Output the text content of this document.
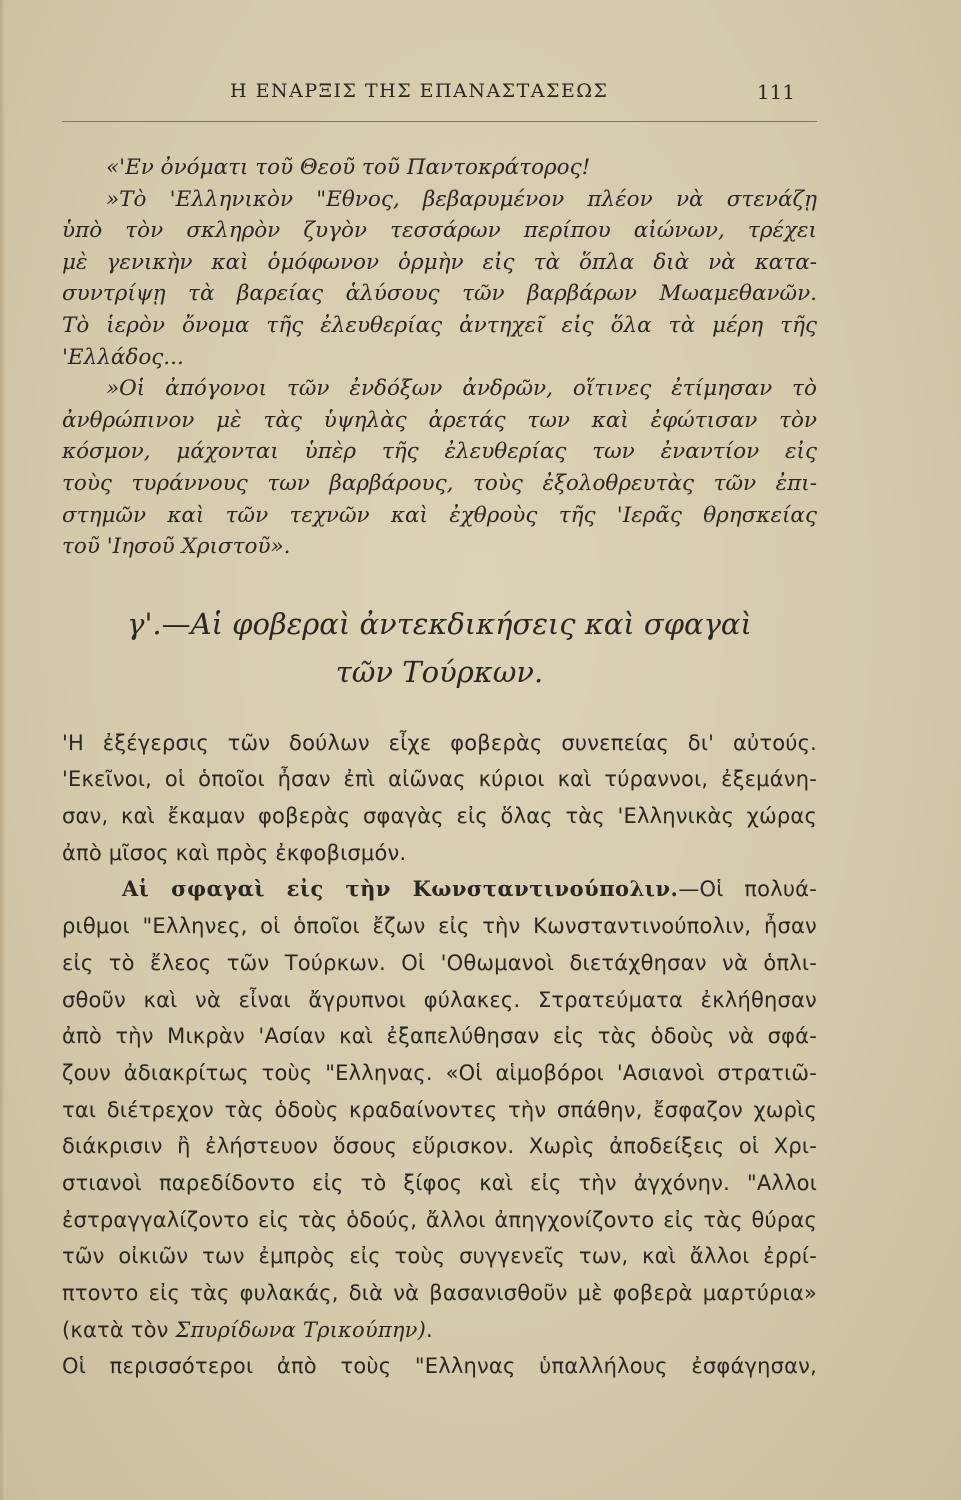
Η ΕΝΑΡΞΙΣ ΤΗΣ ΕΠΑΝΑΣΤΑΣΕΩΣ	111
«'Εν ὀνόματι τοῦ Θεοῦ τοῦ Παντοκράτορος!
»Τὸ 'Ελληνικὸν "Εθνος, βεβαρυμένον πλέον νὰ στενάζῃ
ὑπὸ τὸν σκληρὸν ζυγὸν τεσσάρων περίπου αἰώνων, τρέχει
μὲ γενικὴν καὶ ὁμόφωνον ὁρμὴν εἰς τὰ ὅπλα διὰ νὰ κατα-
συντρίψῃ τὰ βαρείας ἁλύσους τῶν βαρβάρων Μωαμεθανῶν.
Τὸ ἱερὸν ὄνομα τῆς ἐλευθερίας ἀντηχεῖ εἰς ὅλα τὰ μέρη τῆς
'Ελλάδος...
»Οἱ ἀπόγονοι τῶν ἐνδόξων ἀνδρῶν, οἵτινες ἐτίμησαν τὸ
ἀνθρώπινον μὲ τὰς ὑψηλὰς ἀρετάς των καὶ ἐφώτισαν τὸν
κόσμον, μάχονται ὑπὲρ τῆς ἐλευθερίας των ἐναντίον εἰς
τοὺς τυράννους των βαρβάρους, τοὺς ἐξολοθρευτὰς τῶν ἐπι-
στημῶν καὶ τῶν τεχνῶν καὶ ἐχθροὺς τῆς 'Ιερᾶς θρησκείας
τοῦ 'Ιησοῦ Χριστοῦ».
γ'.—Αἱ φοβεραὶ ἀντεκδικήσεις καὶ σφαγαὶ
τῶν Τούρκων.
'Η ἐξέγερσις τῶν δούλων εἶχε φοβερὰς συνεπείας δι' αὐτούς.
'Εκεῖνοι, οἱ ὁποῖοι ἦσαν ἐπὶ αἰῶνας κύριοι καὶ τύραννοι, ἐξεμάνη-
σαν, καὶ ἔκαμαν φοβερὰς σφαγὰς εἰς ὅλας τὰς 'Ελληνικὰς χώρας
ἀπὸ μῖσος καὶ πρὸς ἐκφοβισμόν.
Αἱ σφαγαὶ εἰς τὴν Κωνσταντινούπολιν.—Οἱ πολυά-
ριθμοι "Ελληνες, οἱ ὁποῖοι ἔζων εἰς τὴν Κωνσταντινούπολιν, ἦσαν
εἰς τὸ ἔλεος τῶν Τούρκων. Οἱ 'Οθωμανοὶ διετάχθησαν νὰ ὁπλι-
σθοῦν καὶ νὰ εἶναι ἄγρυπνοι φύλακες. Στρατεύματα ἐκλήθησαν
ἀπὸ τὴν Μικρὰν 'Ασίαν καὶ ἐξαπελύθησαν εἰς τὰς ὁδοὺς νὰ σφά-
ζουν ἀδιακρίτως τοὺς "Ελληνας. «Οἱ αἱμοβόροι 'Ασιανοὶ στρατιῶ-
ται διέτρεχον τὰς ὁδοὺς κραδαίνοντες τὴν σπάθην, ἔσφαζον χωρὶς
διάκρισιν ἢ ἐλήστευον ὅσους εὕρισκον. Χωρὶς ἀποδείξεις οἱ Χρι-
στιανοὶ παρεδίδοντο εἰς τὸ ξίφος καὶ εἰς τὴν ἀγχόνην. "Αλλοι
ἐστραγγαλίζοντο εἰς τὰς ὁδούς, ἄλλοι ἀπηγχονίζοντο εἰς τὰς θύρας
τῶν οἰκιῶν των ἐμπρὸς εἰς τοὺς συγγενεῖς των, καὶ ἄλλοι ἐρρί-
πτοντο εἰς τὰς φυλακάς, διὰ νὰ βασανισθοῦν μὲ φοβερὰ μαρτύρια»
(κατὰ τὸν Σπυρίδωνα Τρικούπην).
Οἱ περισσότεροι ἀπὸ τοὺς "Ελληνας ὑπαλλήλους ἐσφάγησαν,
